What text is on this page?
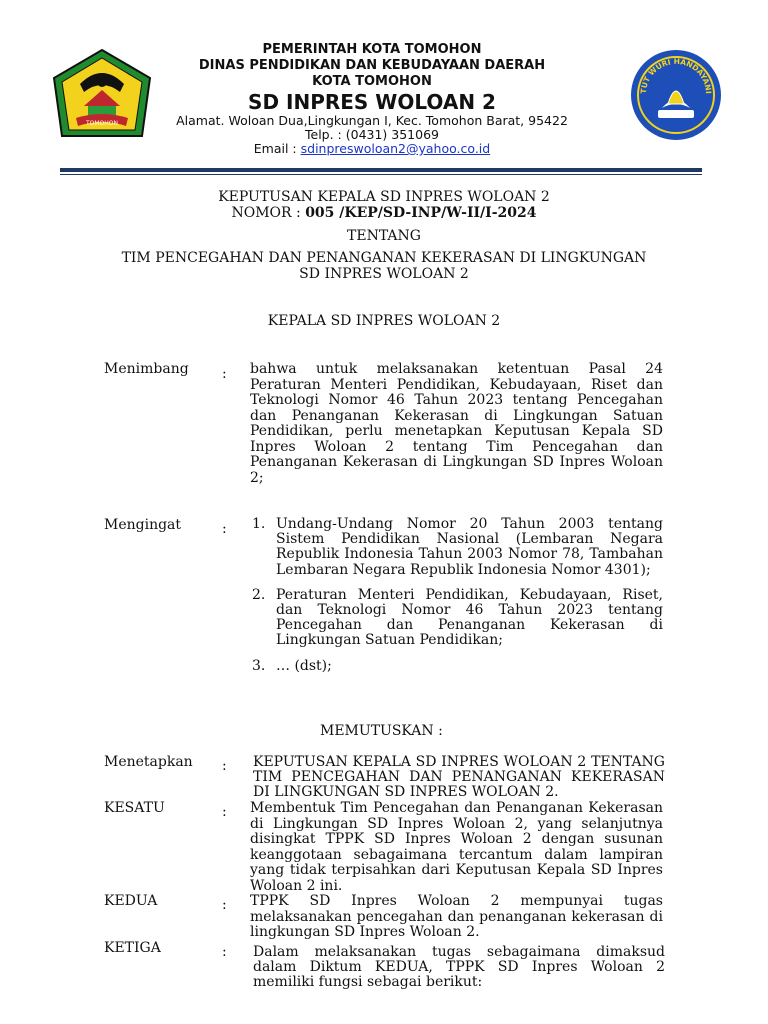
TOMOHON
PEMERINTAH KOTA TOMOHON
DINAS PENDIDIKAN DAN KEBUDAYAAN DAERAH
KOTA TOMOHON
SD INPRES WOLOAN 2
Alamat. Woloan Dua,Lingkungan I, Kec. Tomohon Barat, 95422
Telp. : (0431) 351069
Email : sdinpreswoloan2@yahoo.co.id
TUT WURI HANDAYANI
KEPUTUSAN KEPALA SD INPRES WOLOAN 2
NOMOR : 005 /KEP/SD-INP/W-II/I-2024
TENTANG
TIM PENCEGAHAN DAN PENANGANAN KEKERASAN DI LINGKUNGAN
SD INPRES WOLOAN 2
KEPALA SD INPRES WOLOAN 2
Menimbang : bahwa untuk melaksanakan ketentuan Pasal 24 Peraturan Menteri Pendidikan, Kebudayaan, Riset dan Teknologi Nomor 46 Tahun 2023 tentang Pencegahan dan Penanganan Kekerasan di Lingkungan Satuan Pendidikan, perlu menetapkan Keputusan Kepala SD Inpres Woloan 2 tentang Tim Pencegahan dan Penanganan Kekerasan di Lingkungan SD Inpres Woloan 2;
Mengingat	: 1. Undang-Undang Nomor 20 Tahun 2003 tentang Sistem Pendidikan Nasional (Lembaran Negara Republik Indonesia Tahun 2003 Nomor 78, Tambahan Lembaran Negara Republik Indonesia Nomor 4301);
2. Peraturan Menteri Pendidikan, Kebudayaan, Riset, dan Teknologi Nomor 46 Tahun 2023 tentang Pencegahan dan Penanganan Kekerasan di Lingkungan Satuan Pendidikan;
3. … (dst);
MEMUTUSKAN :
Menetapkan : KEPUTUSAN KEPALA SD INPRES WOLOAN 2 TENTANG TIM PENCEGAHAN DAN PENANGANAN KEKERASAN DI LINGKUNGAN SD INPRES WOLOAN 2.
KESATU	: Membentuk Tim Pencegahan dan Penanganan Kekerasan di Lingkungan SD Inpres Woloan 2, yang selanjutnya disingkat TPPK SD Inpres Woloan 2 dengan susunan keanggotaan sebagaimana tercantum dalam lampiran yang tidak terpisahkan dari Keputusan Kepala SD Inpres Woloan 2 ini.
KEDUA	: TPPK SD Inpres Woloan 2 mempunyai tugas melaksanakan pencegahan dan penanganan kekerasan di lingkungan SD Inpres Woloan 2.
KETIGA	: Dalam melaksanakan tugas sebagaimana dimaksud dalam Diktum KEDUA, TPPK SD Inpres Woloan 2 memiliki fungsi sebagai berikut:
